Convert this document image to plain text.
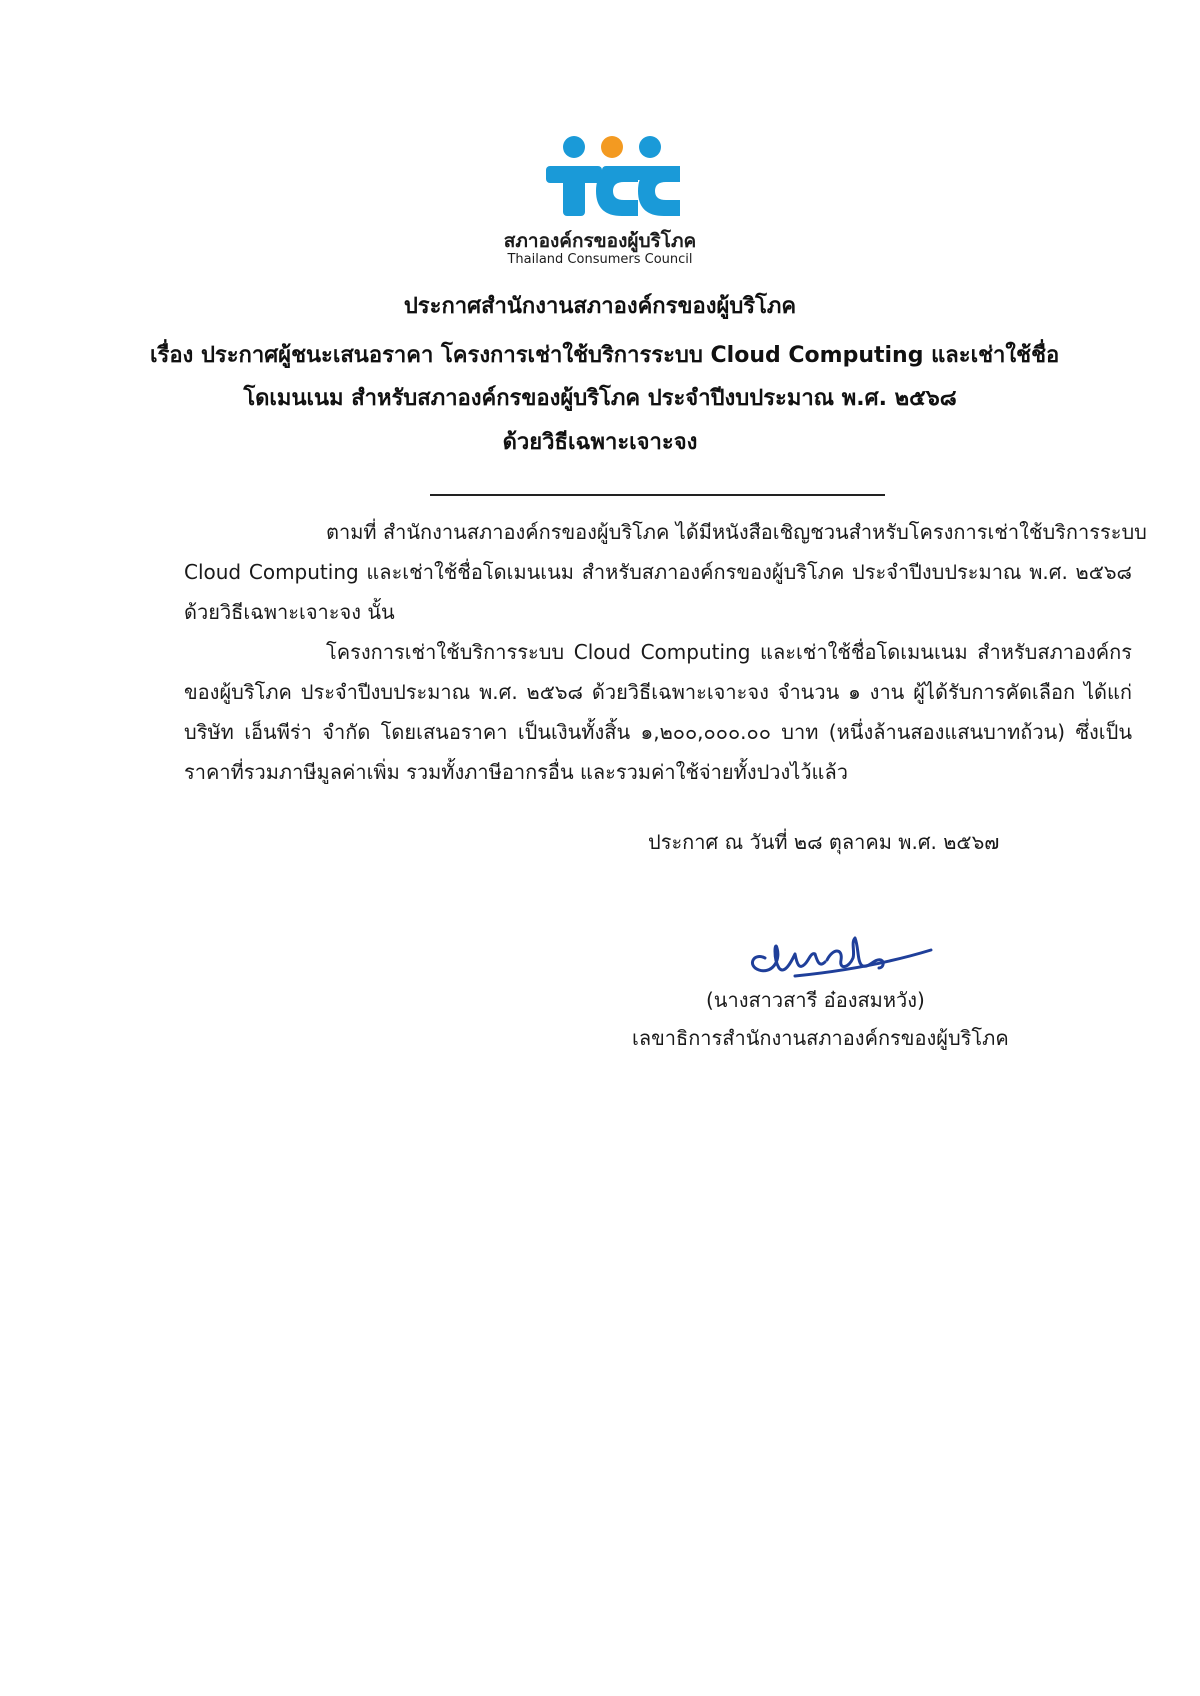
สภาองค์กรของผู้บริโภค
Thailand Consumers Council
ประกาศสำนักงานสภาองค์กรของผู้บริโภค
เรื่อง ประกาศผู้ชนะเสนอราคา โครงการเช่าใช้บริการระบบ Cloud Computing และเช่าใช้ชื่อ
โดเมนเนม สำหรับสภาองค์กรของผู้บริโภค ประจำปีงบประมาณ พ.ศ. ๒๕๖๘
ด้วยวิธีเฉพาะเจาะจง
ตามที่ สำนักงานสภาองค์กรของผู้บริโภค ได้มีหนังสือเชิญชวนสำหรับโครงการเช่าใช้บริการระบบ
Cloud Computing และเช่าใช้ชื่อโดเมนเนม สำหรับสภาองค์กรของผู้บริโภค ประจำปีงบประมาณ พ.ศ. ๒๕๖๘
ด้วยวิธีเฉพาะเจาะจง นั้น
โครงการเช่าใช้บริการระบบ Cloud Computing และเช่าใช้ชื่อโดเมนเนม สำหรับสภาองค์กร
ของผู้บริโภค ประจำปีงบประมาณ พ.ศ. ๒๕๖๘ ด้วยวิธีเฉพาะเจาะจง จำนวน ๑ งาน ผู้ได้รับการคัดเลือก ได้แก่
บริษัท เอ็นพีร่า จำกัด โดยเสนอราคา เป็นเงินทั้งสิ้น ๑,๒๐๐,๐๐๐.๐๐ บาท (หนึ่งล้านสองแสนบาทถ้วน) ซึ่งเป็น
ราคาที่รวมภาษีมูลค่าเพิ่ม รวมทั้งภาษีอากรอื่น และรวมค่าใช้จ่ายทั้งปวงไว้แล้ว
ประกาศ ณ วันที่ ๒๘ ตุลาคม พ.ศ. ๒๕๖๗
(นางสาวสารี อ๋องสมหวัง)
เลขาธิการสำนักงานสภาองค์กรของผู้บริโภค
